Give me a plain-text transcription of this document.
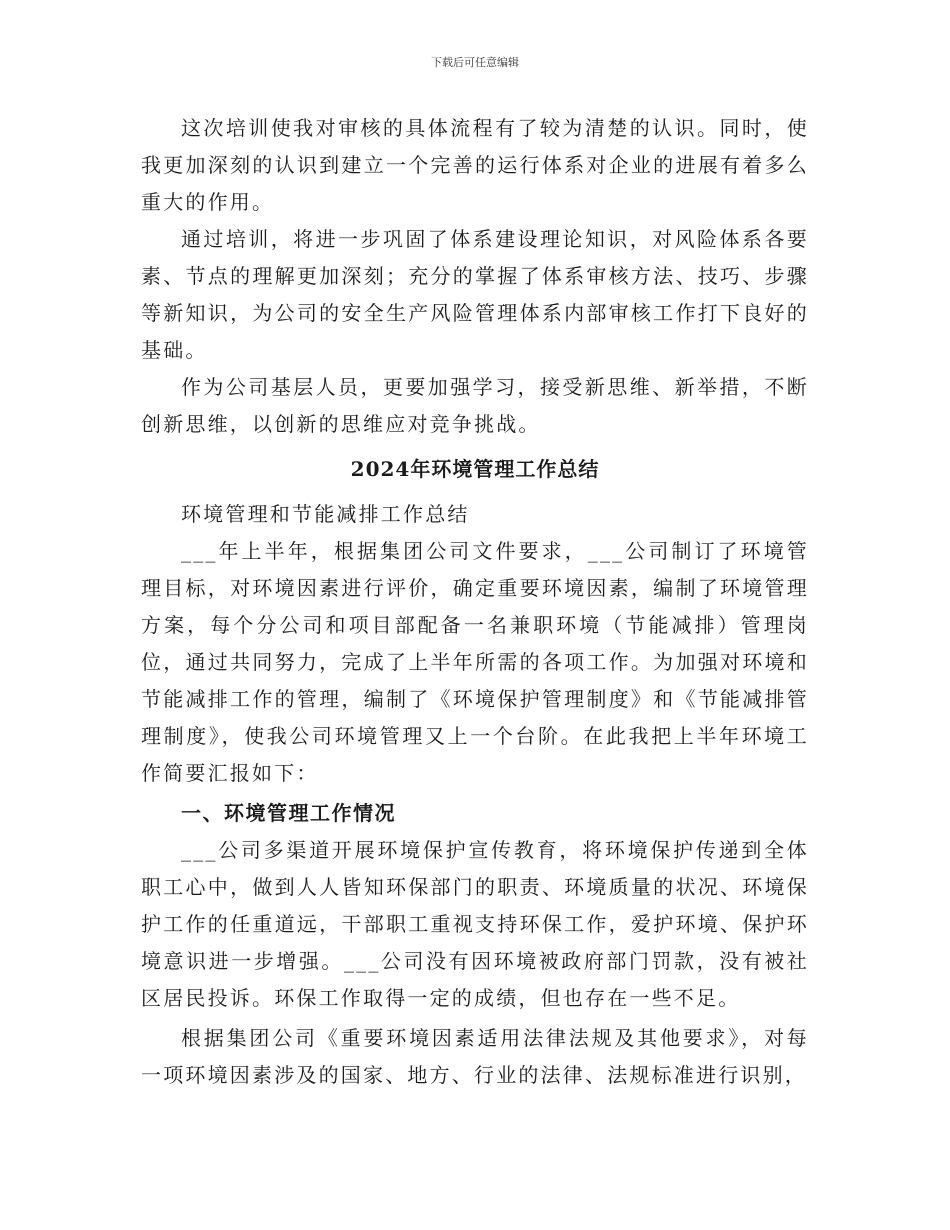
下载后可任意编辑

这次培训使我对审核的具体流程有了较为清楚的认识。同时，使我更加深刻的认识到建立一个完善的运行体系对企业的进展有着多么重大的作用。

通过培训，将进一步巩固了体系建设理论知识，对风险体系各要素、节点的理解更加深刻；充分的掌握了体系审核方法、技巧、步骤等新知识，为公司的安全生产风险管理体系内部审核工作打下良好的基础。

作为公司基层人员，更要加强学习，接受新思维、新举措，不断创新思维，以创新的思维应对竞争挑战。

2024年环境管理工作总结

环境管理和节能减排工作总结

___年上半年，根据集团公司文件要求，___公司制订了环境管理目标，对环境因素进行评价，确定重要环境因素，编制了环境管理方案，每个分公司和项目部配备一名兼职环境（节能减排）管理岗位，通过共同努力，完成了上半年所需的各项工作。为加强对环境和节能减排工作的管理，编制了《环境保护管理制度》和《节能减排管理制度》，使我公司环境管理又上一个台阶。在此我把上半年环境工作简要汇报如下：

一、环境管理工作情况

___公司多渠道开展环境保护宣传教育，将环境保护传递到全体职工心中，做到人人皆知环保部门的职责、环境质量的状况、环境保护工作的任重道远，干部职工重视支持环保工作，爱护环境、保护环境意识进一步增强。___公司没有因环境被政府部门罚款，没有被社区居民投诉。环保工作取得一定的成绩，但也存在一些不足。

根据集团公司《重要环境因素适用法律法规及其他要求》，对每一项环境因素涉及的国家、地方、行业的法律、法规标准进行识别，
